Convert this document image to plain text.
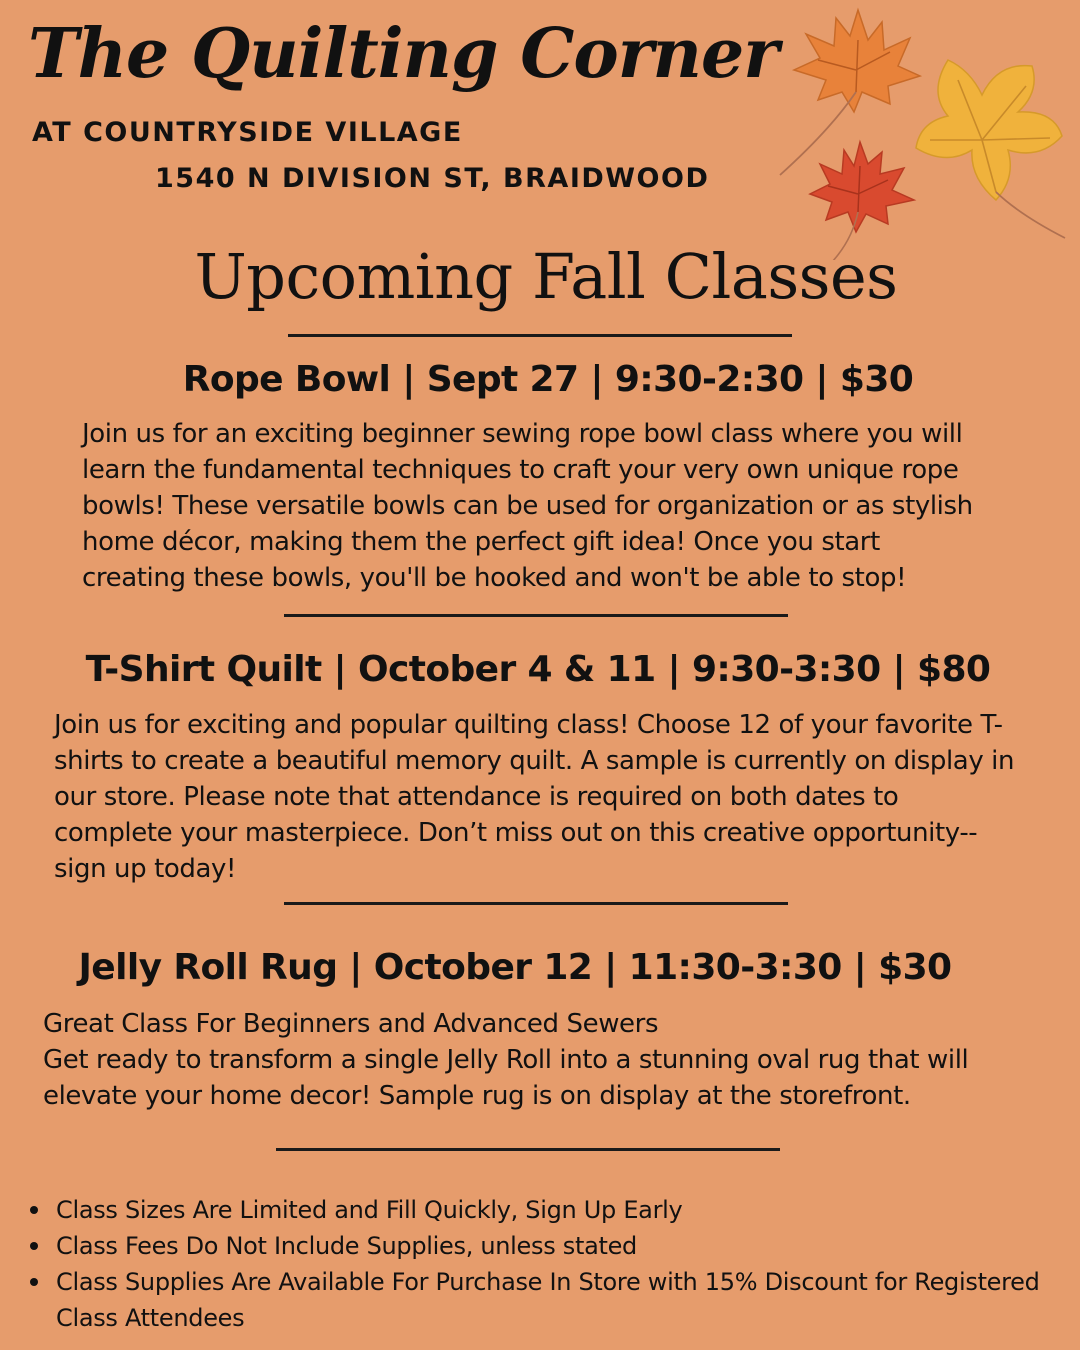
The Quilting Corner
AT COUNTRYSIDE VILLAGE
1540 N DIVISION ST, BRAIDWOOD
Upcoming Fall Classes
Rope Bowl | Sept 27 | 9:30-2:30 | $30

Join us for an exciting beginner sewing rope bowl class where you will

learn the fundamental techniques to craft your very own unique rope

bowls! These versatile bowls can be used for organization or as stylish

home décor, making them the perfect gift idea! Once you start

creating these bowls, you'll be hooked and won't be able to stop!

T-Shirt Quilt | October 4 & 11 | 9:30-3:30 | $80

Join us for exciting and popular quilting class! Choose 12 of your favorite T-

shirts to create a beautiful memory quilt. A sample is currently on display in

our store. Please note that attendance is required on both dates to

complete your masterpiece. Don’t miss out on this creative opportunity--

sign up today!

Jelly Roll Rug | October 12 | 11:30-3:30 | $30

Great Class For Beginners and Advanced Sewers

Get ready to transform a single Jelly Roll into a stunning oval rug that will

elevate your home decor! Sample rug is on display at the storefront.

Class Sizes Are Limited and Fill Quickly, Sign Up Early
Class Fees Do Not Include Supplies, unless stated
Class Supplies Are Available For Purchase In Store with 15% Discount for Registered
Class Attendees
